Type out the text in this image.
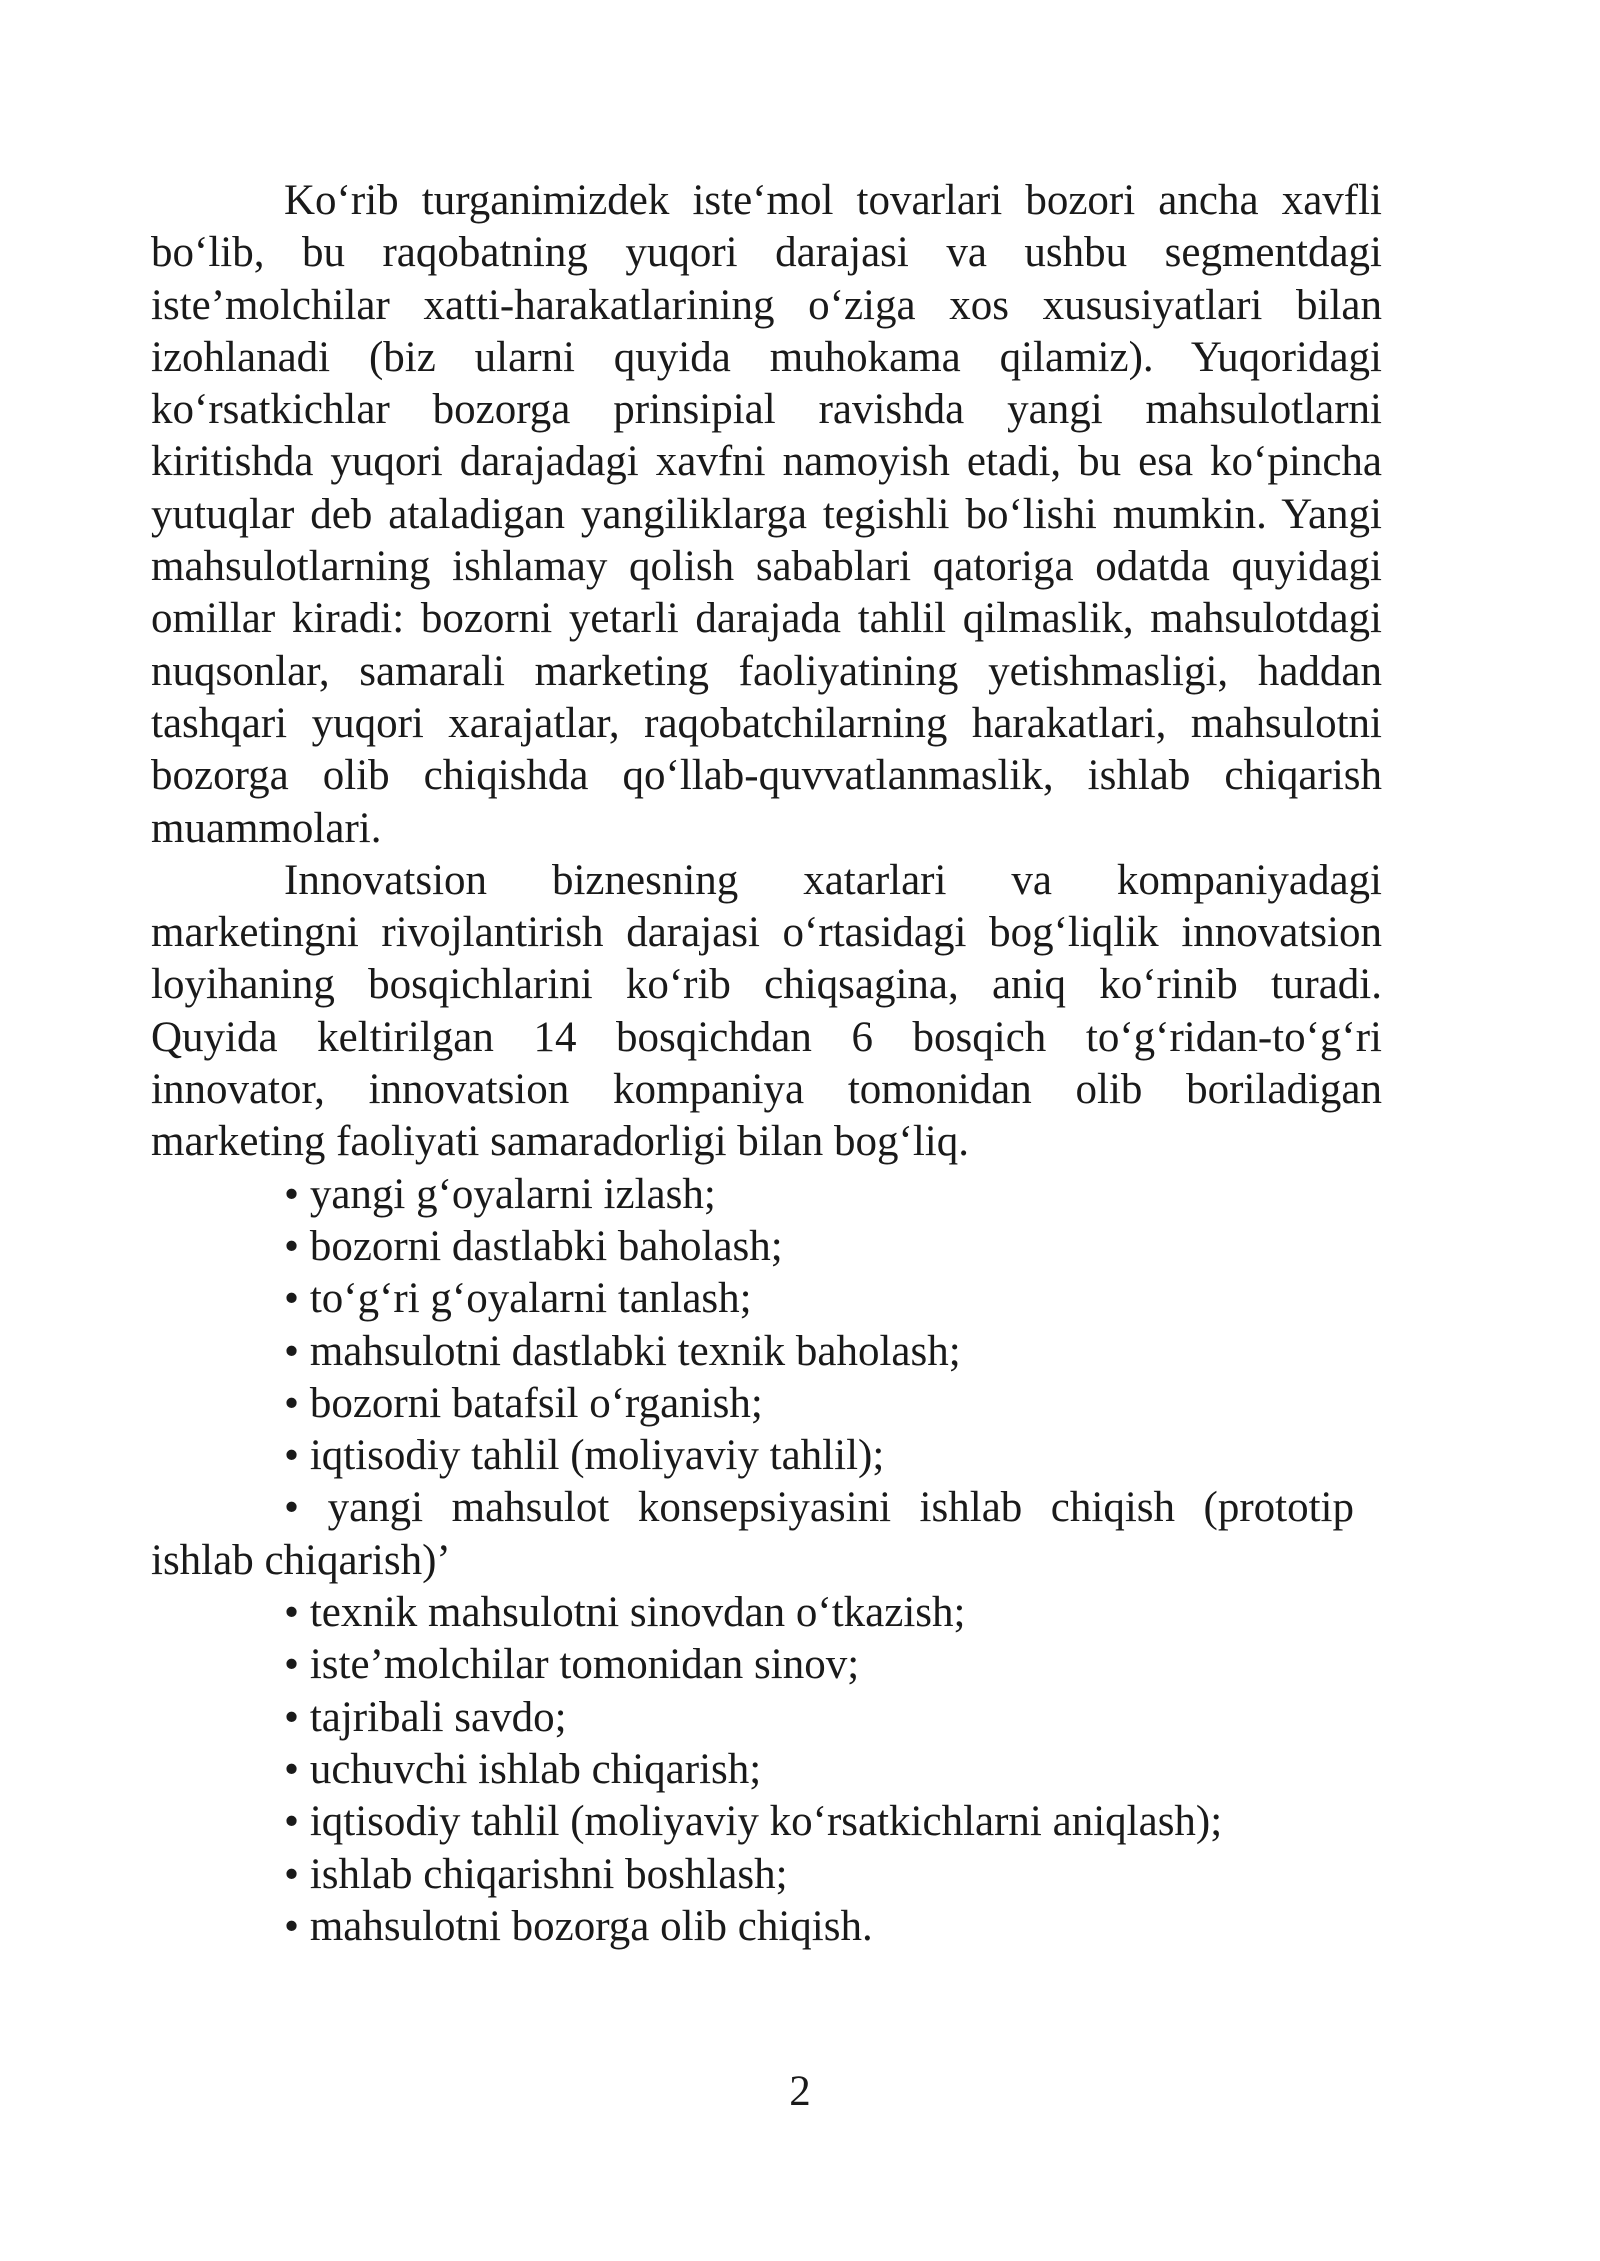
Ko‘rib turganimizdek iste‘mol tovarlari bozori ancha xavfli bo‘lib, bu raqobatning yuqori darajasi va ushbu segmentdagi iste’molchilar xatti-harakatlarining o‘ziga xos xususiyatlari bilan izohlanadi (biz ularni quyida muhokama qilamiz). Yuqoridagi ko‘rsatkichlar bozorga prinsipial ravishda yangi mahsulotlarni kiritishda yuqori darajadagi xavfni namoyish etadi, bu esa ko‘pincha yutuqlar deb ataladigan yangiliklarga tegishli bo‘lishi mumkin. Yangi mahsulotlarning ishlamay qolish sabablari qatoriga odatda quyidagi omillar kiradi: bozorni yetarli darajada tahlil qilmaslik, mahsulotdagi nuqsonlar, samarali marketing faoliyatining yetishmasligi, haddan tashqari yuqori xarajatlar, raqobatchilarning harakatlari, mahsulotni bozorga olib chiqishda qo‘llab-quvvatlanmaslik, ishlab chiqarish muammolari.

Innovatsion biznesning xatarlari va kompaniyadagi marketingni rivojlantirish darajasi o‘rtasidagi bog‘liqlik innovatsion loyihaning bosqichlarini ko‘rib chiqsagina, aniq ko‘rinib turadi. Quyida keltirilgan 14 bosqichdan 6 bosqich to‘g‘ridan-to‘g‘ri innovator, innovatsion kompaniya tomonidan olib boriladigan marketing faoliyati samaradorligi bilan bog‘liq.

• yangi g‘oyalarni izlash;
• bozorni dastlabki baholash;
• to‘g‘ri g‘oyalarni tanlash;
• mahsulotni dastlabki texnik baholash;
• bozorni batafsil o‘rganish;
• iqtisodiy tahlil (moliyaviy tahlil);
• yangi mahsulot konsepsiyasini ishlab chiqish (prototip ishlab chiqarish)’
• texnik mahsulotni sinovdan o‘tkazish;
• iste’molchilar tomonidan sinov;
• tajribali savdo;
• uchuvchi ishlab chiqarish;
• iqtisodiy tahlil (moliyaviy ko‘rsatkichlarni aniqlash);
• ishlab chiqarishni boshlash;
• mahsulotni bozorga olib chiqish.
2
